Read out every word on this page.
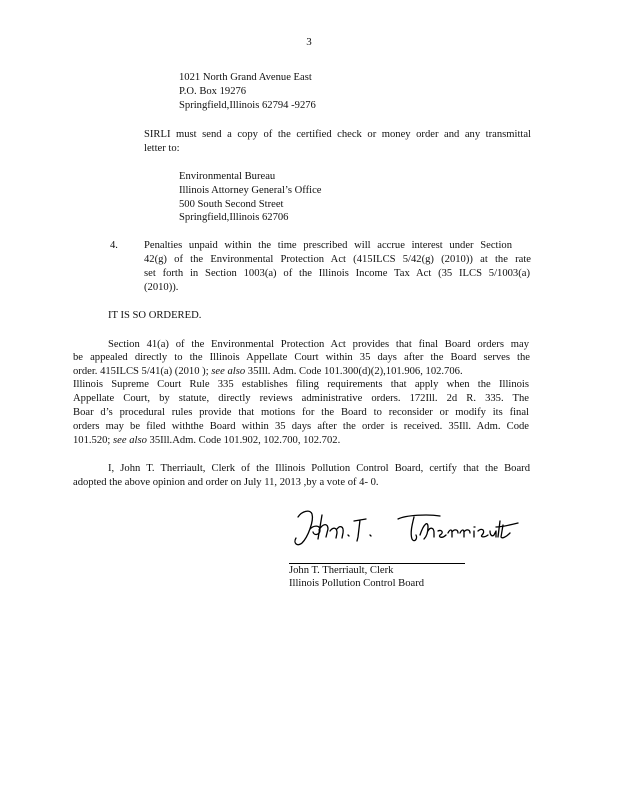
3
1021 North Grand Avenue East
P.O. Box 19276
Springfield,Illinois 62794 -9276
SIRLI must send a copy of the certified check or money order and any transmittal
letter to:
Environmental Bureau
Illinois Attorney General’s Office
500 South Second Street
Springfield,Illinois 62706
4. Penalties unpaid within the time prescribed will accrue interest under Section
42(g) of the Environmental Protection Act (415ILCS 5/42(g) (2010)) at the rate
set forth in Section 1003(a) of the Illinois Income Tax Act (35 ILCS 5/1003(a)
(2010)).
IT IS SO ORDERED.
Section 41(a) of the Environmental Protection Act provides that final Board orders may
be appealed directly to the Illinois Appellate Court within 35 days after the Board serves the
order. 415ILCS 5/41(a) (2010 ); see also 35Ill. Adm. Code 101.300(d)(2),101.906, 102.706.
Illinois Supreme Court Rule 335 establishes filing requirements that apply when the Illinois
Appellate Court, by statute, directly reviews administrative orders. 172Ill. 2d R. 335. The
Boar d’s procedural rules provide that motions for the Board to reconsider or modify its final
orders may be filed withthe Board within 35 days after the order is received. 35Ill. Adm. Code
101.520; see also 35Ill.Adm. Code 101.902, 102.700, 102.702.
I, John T. Therriault, Clerk of the Illinois Pollution Control Board, certify that the Board
adopted the above opinion and order on July 11, 2013 ,by a vote of 4- 0.
John T. Therriault, Clerk
Illinois Pollution Control Board
